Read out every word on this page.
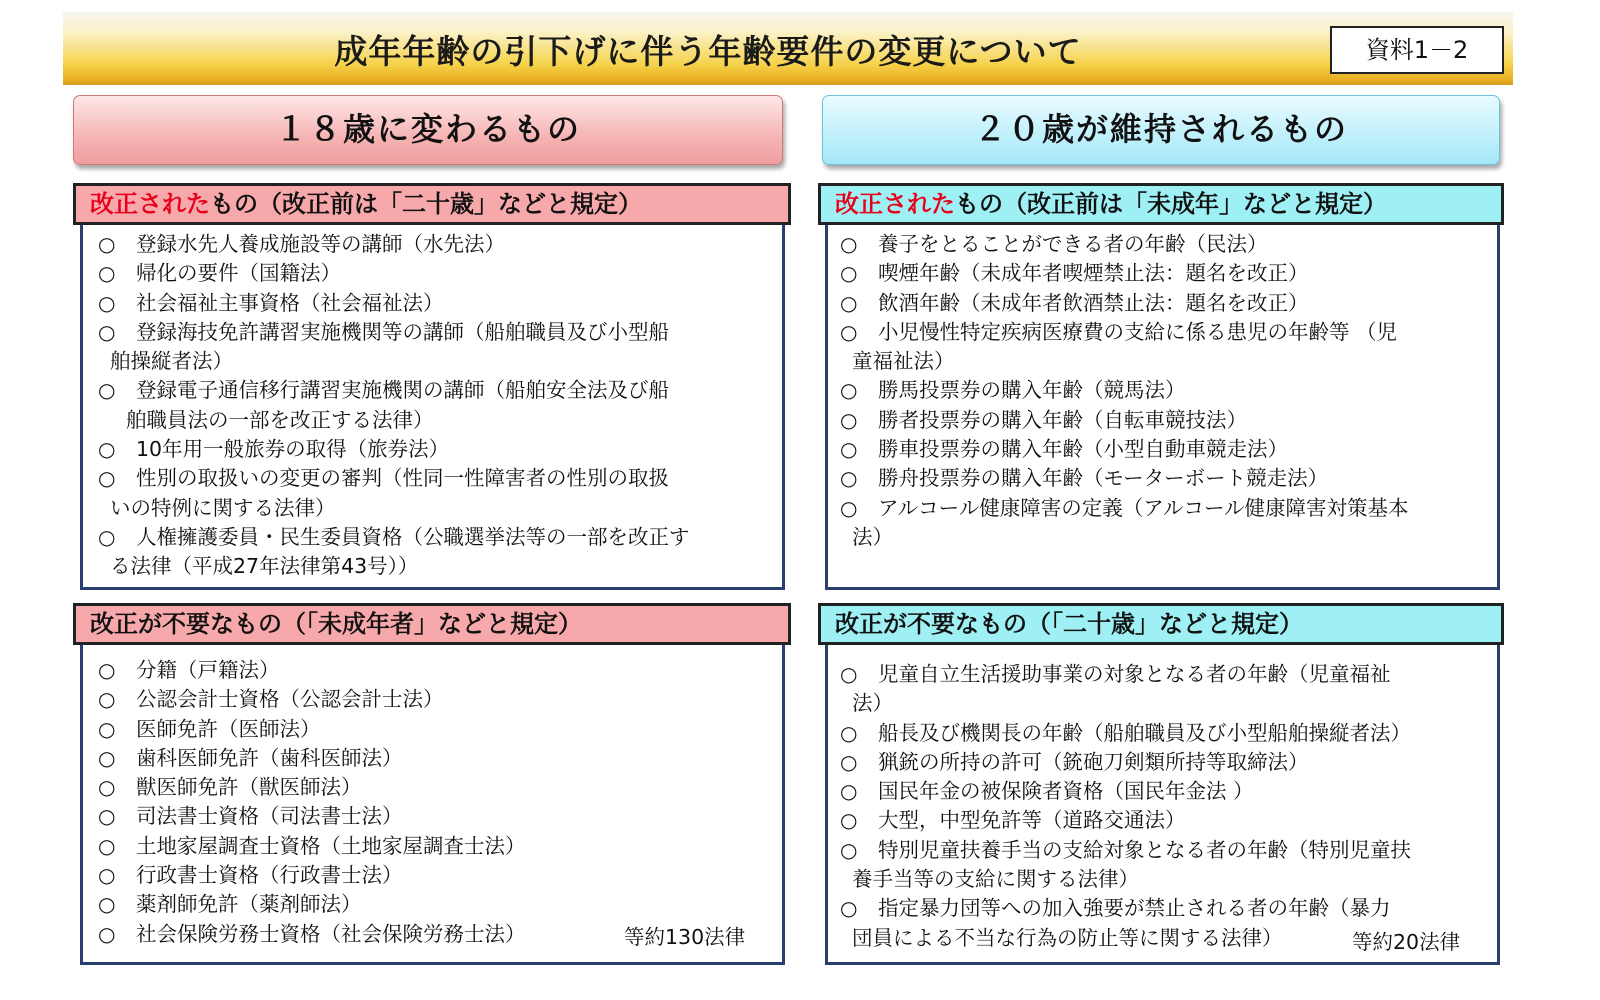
成年年齢の引下げに伴う年齢要件の変更について	資料1－2
１８歳に変わるもの	２０歳が維持されるもの
改正されたもの（改正前は「二十歳」などと規定）
○ 登録水先人養成施設等の講師（水先法）
○ 帰化の要件（国籍法）
○ 社会福祉主事資格（社会福祉法）
○ 登録海技免許講習実施機関等の講師（船舶職員及び小型船
舶操縦者法）
○ 登録電子通信移行講習実施機関の講師（船舶安全法及び船
舶職員法の一部を改正する法律）
○ 10年用一般旅券の取得（旅券法）
○ 性別の取扱いの変更の審判（性同一性障害者の性別の取扱
いの特例に関する法律）
○ 人権擁護委員・民生委員資格（公職選挙法等の一部を改正す
る法律（平成27年法律第43号））
改正が不要なもの（「未成年者」などと規定）
○ 分籍（戸籍法）
○ 公認会計士資格（公認会計士法）
○ 医師免許（医師法）
○ 歯科医師免許（歯科医師法）
○ 獣医師免許（獣医師法）
○ 司法書士資格（司法書士法）
○ 土地家屋調査士資格（土地家屋調査士法）
○ 行政書士資格（行政書士法）
○ 薬剤師免許（薬剤師法）
○ 社会保険労務士資格（社会保険労務士法）	等約130法律
改正されたもの（改正前は「未成年」などと規定）
○ 養子をとることができる者の年齢（民法）
○ 喫煙年齢（未成年者喫煙禁止法：題名を改正）
○ 飲酒年齢（未成年者飲酒禁止法：題名を改正）
○ 小児慢性特定疾病医療費の支給に係る患児の年齢等 （児
童福祉法）
○ 勝馬投票券の購入年齢（競馬法）
○ 勝者投票券の購入年齢（自転車競技法）
○ 勝車投票券の購入年齢（小型自動車競走法）
○ 勝舟投票券の購入年齢（モーターボート競走法）
○ アルコール健康障害の定義（アルコール健康障害対策基本
法）
改正が不要なもの（「二十歳」などと規定）
○ 児童自立生活援助事業の対象となる者の年齢（児童福祉
法）
○ 船長及び機関長の年齢（船舶職員及び小型船舶操縦者法）
○ 猟銃の所持の許可（銃砲刀剣類所持等取締法）
○ 国民年金の被保険者資格（国民年金法 ）
○ 大型，中型免許等（道路交通法）
○ 特別児童扶養手当の支給対象となる者の年齢（特別児童扶
養手当等の支給に関する法律）
○ 指定暴力団等への加入強要が禁止される者の年齢（暴力
団員による不当な行為の防止等に関する法律）	等約20法律
